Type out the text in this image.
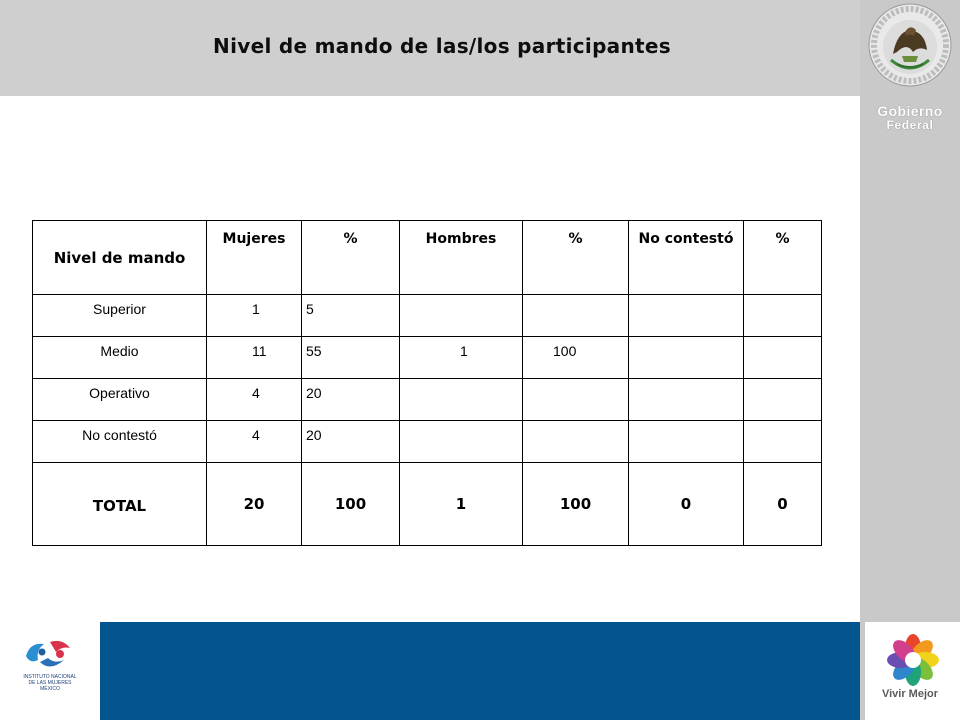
Nivel de mando de las/los participantes
Gobierno
Federal
Nivel de mando	Mujeres	%	Hombres	%	No contestó	%
Superior	1	5				
Medio	11	55	1	100		
Operativo	4	20				
No contestó	4	20				
TOTAL	20	100	1	100	0	0
INSTITUTO NACIONAL
DE LAS MUJERES
MÉXICO	Vivir Mejor
